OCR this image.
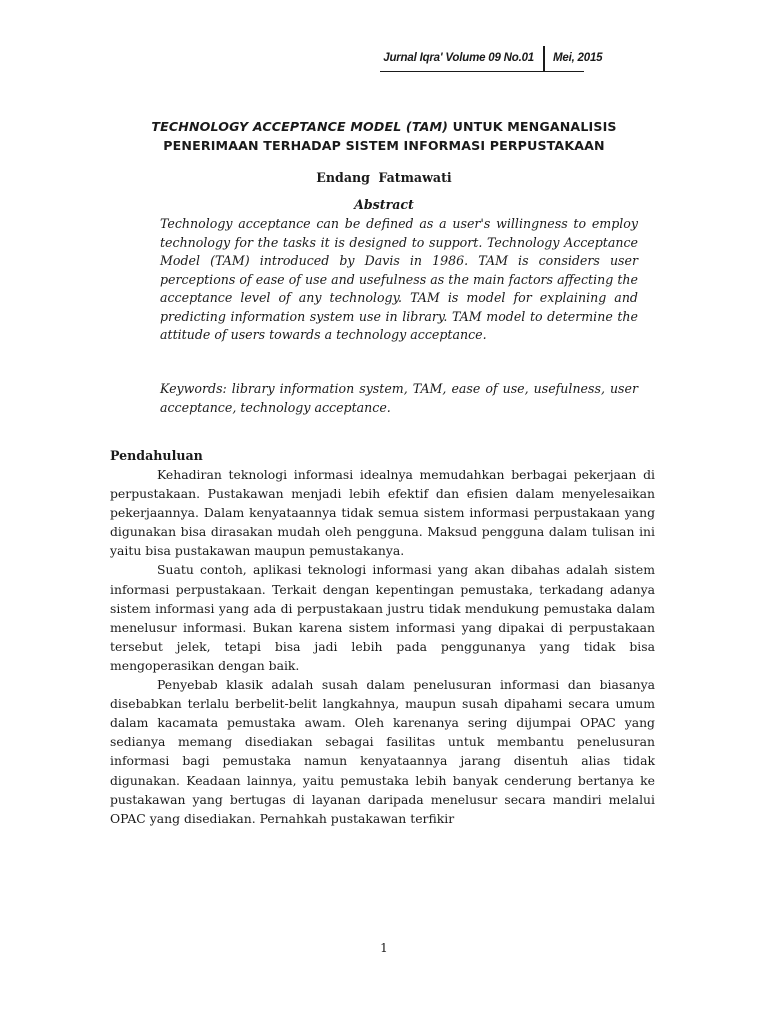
Jurnal Iqra' Volume 09 No.01 Mei, 2015
TECHNOLOGY ACCEPTANCE MODEL (TAM) UNTUK MENGANALISIS
PENERIMAAN TERHADAP SISTEM INFORMASI PERPUSTAKAAN
Endang Fatmawati
Abstract

Technology acceptance can be defined as a user's willingness to employ technology for the tasks it is designed to support. Technology Acceptance Model (TAM) introduced by Davis in 1986. TAM is considers user perceptions of ease of use and usefulness as the main factors affecting the acceptance level of any technology. TAM is model for explaining and predicting information system use in library. TAM model to determine the attitude of users towards a technology acceptance.

Keywords: library information system, TAM, ease of use, usefulness, user acceptance, technology acceptance.

Pendahuluan

Kehadiran teknologi informasi idealnya memudahkan berbagai pekerjaan di perpustakaan. Pustakawan menjadi lebih efektif dan efisien dalam menyelesaikan pekerjaannya. Dalam kenyataannya tidak semua sistem informasi perpustakaan yang digunakan bisa dirasakan mudah oleh pengguna. Maksud pengguna dalam tulisan ini yaitu bisa pustakawan maupun pemustakanya.

Suatu contoh, aplikasi teknologi informasi yang akan dibahas adalah sistem informasi perpustakaan. Terkait dengan kepentingan pemustaka, terkadang adanya sistem informasi yang ada di perpustakaan justru tidak mendukung pemustaka dalam menelusur informasi. Bukan karena sistem informasi yang dipakai di perpustakaan tersebut jelek, tetapi bisa jadi lebih pada penggunanya yang tidak bisa mengoperasikan dengan baik.

Penyebab klasik adalah susah dalam penelusuran informasi dan biasanya disebabkan terlalu berbelit-belit langkahnya, maupun susah dipahami secara umum dalam kacamata pemustaka awam. Oleh karenanya sering dijumpai OPAC yang sedianya memang disediakan sebagai fasilitas untuk membantu penelusuran informasi bagi pemustaka namun kenyataannya jarang disentuh alias tidak digunakan. Keadaan lainnya, yaitu pemustaka lebih banyak cenderung bertanya ke pustakawan yang bertugas di layanan daripada menelusur secara mandiri melalui OPAC yang disediakan. Pernahkah pustakawan terfikir

1
